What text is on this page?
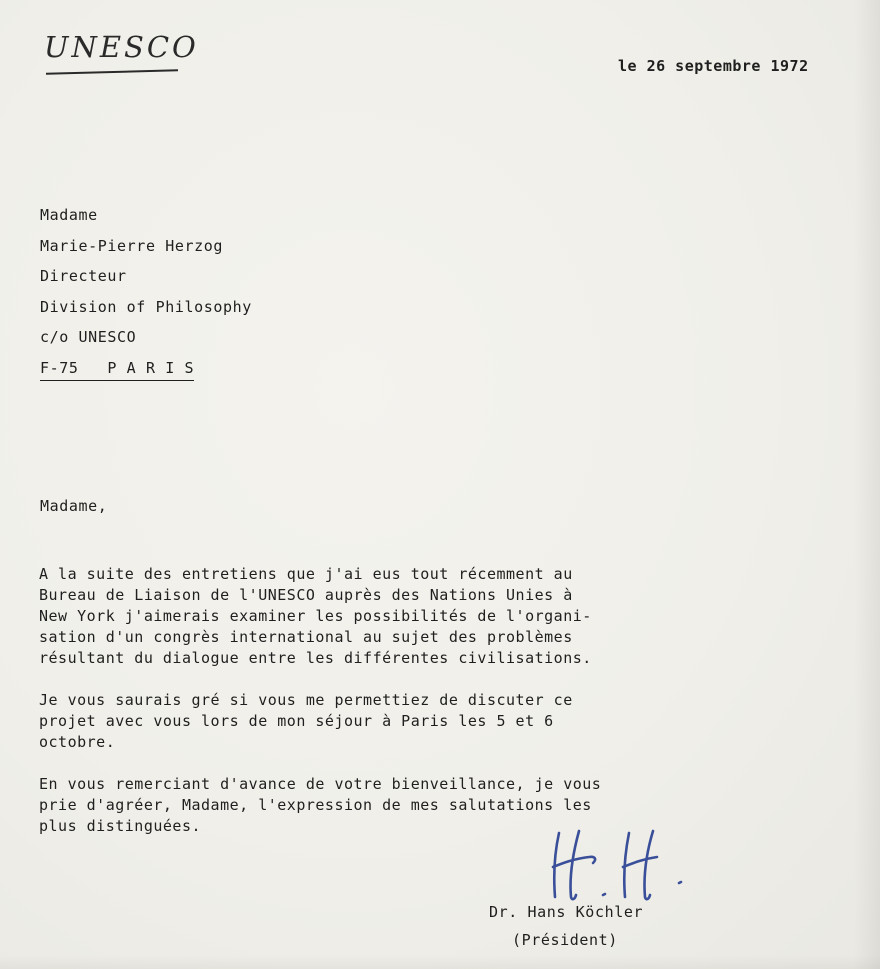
UNESCO
le 26 septembre 1972
Madame
Marie-Pierre Herzog
Directeur
Division of Philosophy
c/o UNESCO
F-75   P A R I S
Madame,
A la suite des entretiens que j'ai eus tout récemment au
Bureau de Liaison de l'UNESCO auprès des Nations Unies à
New York j'aimerais examiner les possibilités de l'organi-
sation d'un congrès international au sujet des problèmes
résultant du dialogue entre les différentes civilisations.
Je vous saurais gré si vous me permettiez de discuter ce
projet avec vous lors de mon séjour à Paris les 5 et 6
octobre.
En vous remerciant d'avance de votre bienveillance, je vous
prie d'agréer, Madame, l'expression de mes salutations les
plus distinguées.
Dr. Hans Köchler
(Président)
